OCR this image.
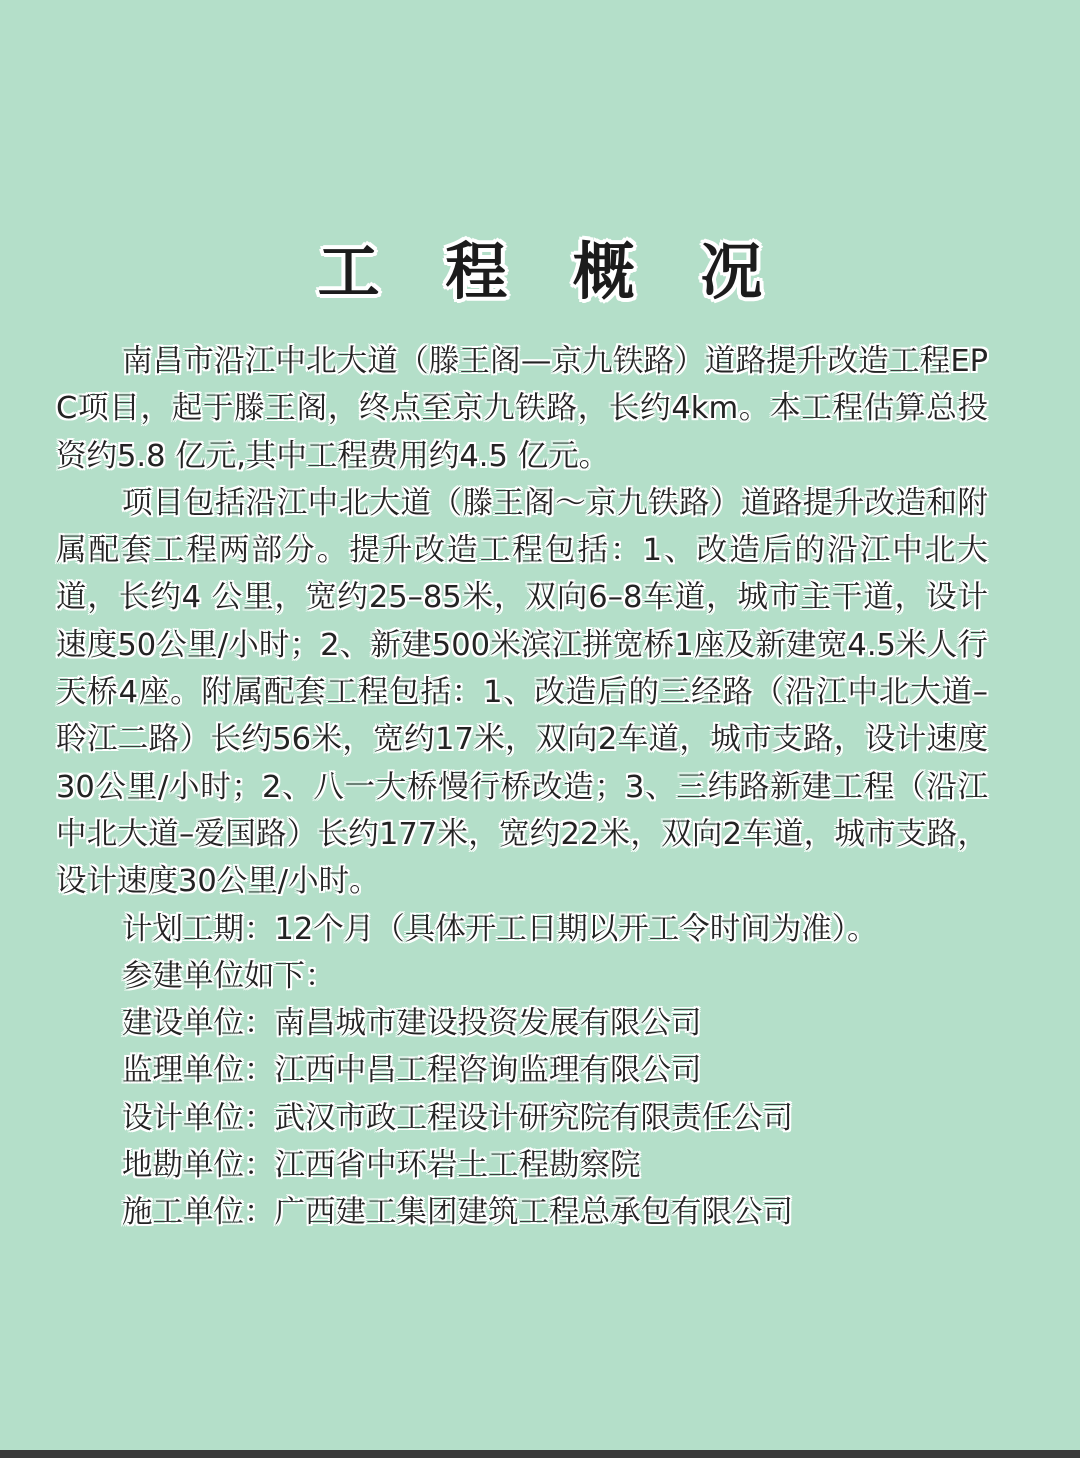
工 程 概 况

南昌市沿江中北大道（滕王阁—京九铁路）道路提升改造工程EPC项目，起于滕王阁，终点至京九铁路，长约4km。本工程估算总投资约5.8 亿元,其中工程费用约4.5 亿元。

项目包括沿江中北大道（滕王阁～京九铁路）道路提升改造和附属配套工程两部分。提升改造工程包括：1、改造后的沿江中北大道，长约4 公里，宽约25–85米，双向6–8车道，城市主干道，设计速度50公里/小时；2、新建500米滨江拼宽桥1座及新建宽4.5米人行天桥4座。附属配套工程包括：1、改造后的三经路（沿江中北大道–聆江二路）长约56米，宽约17米，双向2车道，城市支路，设计速度30公里/小时；2、八一大桥慢行桥改造；3、三纬路新建工程（沿江中北大道–爱国路）长约177米，宽约22米，双向2车道，城市支路，设计速度30公里/小时。

计划工期：12个月（具体开工日期以开工令时间为准）。

参建单位如下：

建设单位：南昌城市建设投资发展有限公司

监理单位：江西中昌工程咨询监理有限公司

设计单位：武汉市政工程设计研究院有限责任公司

地勘单位：江西省中环岩土工程勘察院

施工单位：广西建工集团建筑工程总承包有限公司
